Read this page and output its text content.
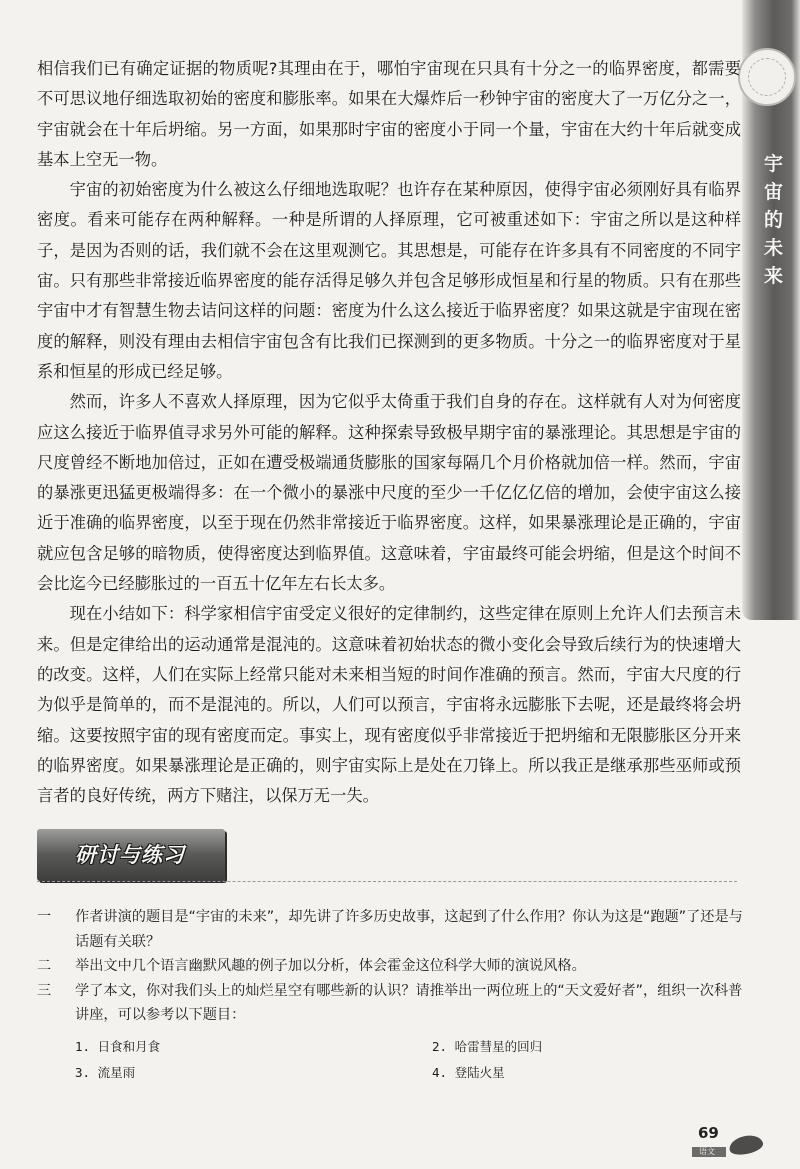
宇宙的未来

相信我们已有确定证据的物质呢?其理由在于，哪怕宇宙现在只具有十分之一的临界密度，都需要不可思议地仔细选取初始的密度和膨胀率。如果在大爆炸后一秒钟宇宙的密度大了一万亿分之一，宇宙就会在十年后坍缩。另一方面，如果那时宇宙的密度小于同一个量，宇宙在大约十年后就变成基本上空无一物。

宇宙的初始密度为什么被这么仔细地选取呢？也许存在某种原因，使得宇宙必须刚好具有临界密度。看来可能存在两种解释。一种是所谓的人择原理，它可被重述如下：宇宙之所以是这种样子，是因为否则的话，我们就不会在这里观测它。其思想是，可能存在许多具有不同密度的不同宇宙。只有那些非常接近临界密度的能存活得足够久并包含足够形成恒星和行星的物质。只有在那些宇宙中才有智慧生物去诘问这样的问题：密度为什么这么接近于临界密度？如果这就是宇宙现在密度的解释，则没有理由去相信宇宙包含有比我们已探测到的更多物质。十分之一的临界密度对于星系和恒星的形成已经足够。

然而，许多人不喜欢人择原理，因为它似乎太倚重于我们自身的存在。这样就有人对为何密度应这么接近于临界值寻求另外可能的解释。这种探索导致极早期宇宙的暴涨理论。其思想是宇宙的尺度曾经不断地加倍过，正如在遭受极端通货膨胀的国家每隔几个月价格就加倍一样。然而，宇宙的暴涨更迅猛更极端得多：在一个微小的暴涨中尺度的至少一千亿亿亿倍的增加，会使宇宙这么接近于准确的临界密度，以至于现在仍然非常接近于临界密度。这样，如果暴涨理论是正确的，宇宙就应包含足够的暗物质，使得密度达到临界值。这意味着，宇宙最终可能会坍缩，但是这个时间不会比迄今已经膨胀过的一百五十亿年左右长太多。

现在小结如下：科学家相信宇宙受定义很好的定律制约，这些定律在原则上允许人们去预言未来。但是定律给出的运动通常是混沌的。这意味着初始状态的微小变化会导致后续行为的快速增大的改变。这样，人们在实际上经常只能对未来相当短的时间作准确的预言。然而，宇宙大尺度的行为似乎是简单的，而不是混沌的。所以，人们可以预言，宇宙将永远膨胀下去呢，还是最终将会坍缩。这要按照宇宙的现有密度而定。事实上，现有密度似乎非常接近于把坍缩和无限膨胀区分开来的临界密度。如果暴涨理论是正确的，则宇宙实际上是处在刀锋上。所以我正是继承那些巫师或预言者的良好传统，两方下赌注，以保万无一失。

研讨与练习
一 作者讲演的题目是“宇宙的未来”，却先讲了许多历史故事，这起到了什么作用？你认为这是“跑题”了还是与话题有关联？
二 举出文中几个语言幽默风趣的例子加以分析，体会霍金这位科学大师的演说风格。
三 学了本文，你对我们头上的灿烂星空有哪些新的认识？请推举出一两位班上的“天文爱好者”，组织一次科普讲座，可以参考以下题目：
1. 日食和月食	2. 哈雷彗星的回归
3. 流星雨	4. 登陆火星
69
语文
